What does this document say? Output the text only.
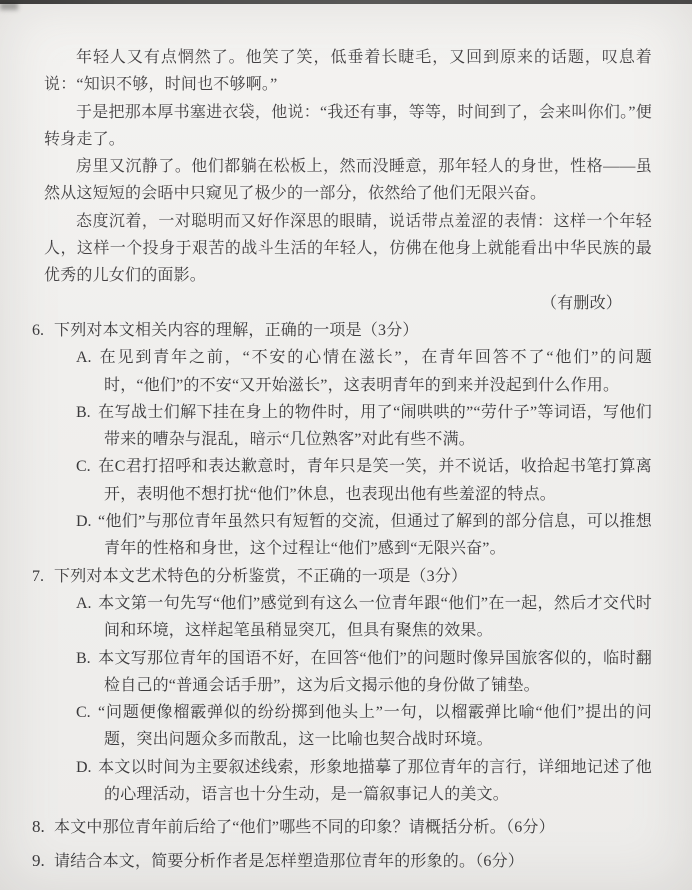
年轻人又有点惘然了。他笑了笑，低垂着长睫毛，又回到原来的话题，叹息着说：“知识不够，时间也不够啊。”

于是把那本厚书塞进衣袋，他说：“我还有事，等等，时间到了，会来叫你们。”便转身走了。

房里又沉静了。他们都躺在松板上，然而没睡意，那年轻人的身世，性格——虽然从这短短的会晤中只窥见了极少的一部分，依然给了他们无限兴奋。

态度沉着，一对聪明而又好作深思的眼睛，说话带点羞涩的表情：这样一个年轻人，这样一个投身于艰苦的战斗生活的年轻人，仿佛在他身上就能看出中华民族的最优秀的儿女们的面影。

（有删改）

6. 下列对本文相关内容的理解，正确的一项是（3分）

A. 在见到青年之前，“不安的心情在滋长”，在青年回答不了“他们”的问题时，“他们”的不安“又开始滋长”，这表明青年的到来并没起到什么作用。

B. 在写战士们解下挂在身上的物件时，用了“闹哄哄的”“劳什子”等词语，写他们带来的嘈杂与混乱，暗示“几位熟客”对此有些不满。

C. 在C君打招呼和表达歉意时，青年只是笑一笑，并不说话，收拾起书笔打算离开，表明他不想打扰“他们”休息，也表现出他有些羞涩的特点。

D. “他们”与那位青年虽然只有短暂的交流，但通过了解到的部分信息，可以推想青年的性格和身世，这个过程让“他们”感到“无限兴奋”。

7. 下列对本文艺术特色的分析鉴赏，不正确的一项是（3分）

A. 本文第一句先写“他们”感觉到有这么一位青年跟“他们”在一起，然后才交代时间和环境，这样起笔虽稍显突兀，但具有聚焦的效果。

B. 本文写那位青年的国语不好，在回答“他们”的问题时像异国旅客似的，临时翻检自己的“普通会话手册”，这为后文揭示他的身份做了铺垫。

C. “问题便像榴霰弹似的纷纷掷到他头上”一句，以榴霰弹比喻“他们”提出的问题，突出问题众多而散乱，这一比喻也契合战时环境。

D. 本文以时间为主要叙述线索，形象地描摹了那位青年的言行，详细地记述了他的心理活动，语言也十分生动，是一篇叙事记人的美文。

8. 本文中那位青年前后给了“他们”哪些不同的印象？请概括分析。（6分）

9. 请结合本文，简要分析作者是怎样塑造那位青年的形象的。（6分）
